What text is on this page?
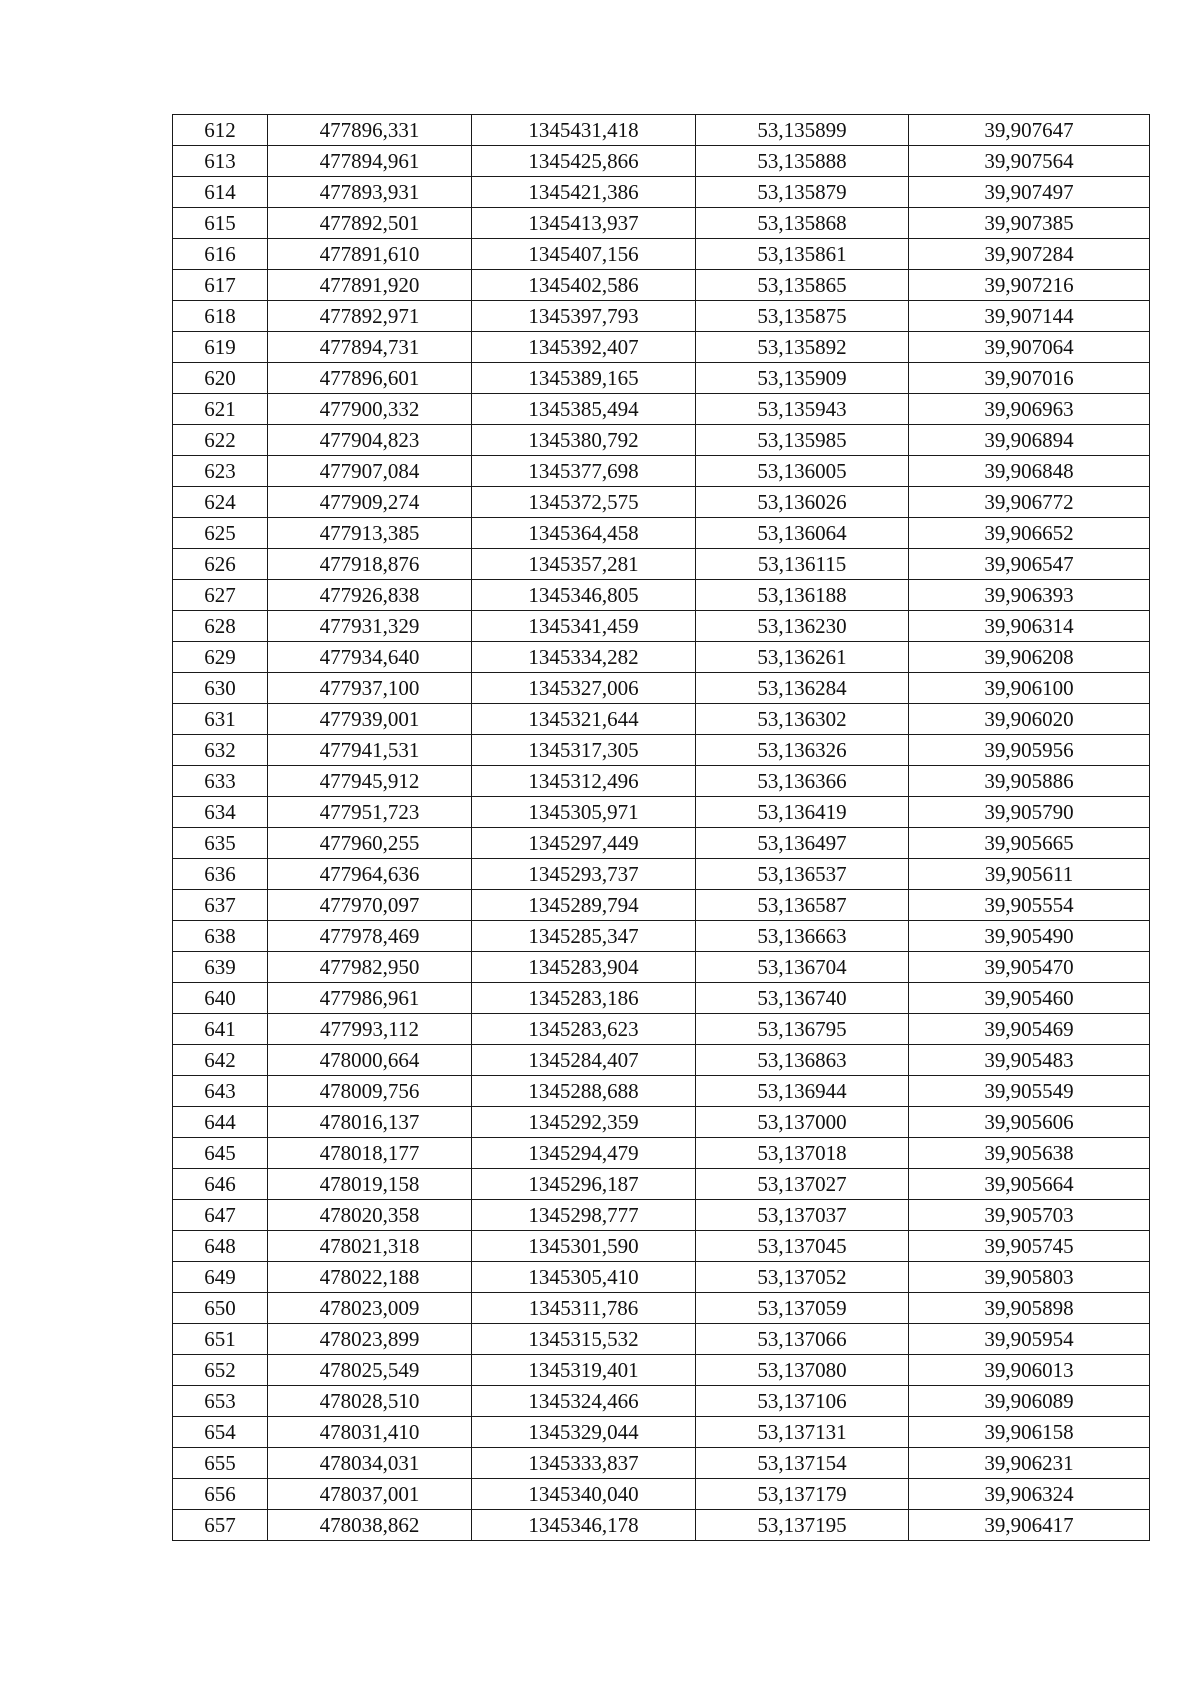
612	477896,331	1345431,418	53,135899	39,907647
613	477894,961	1345425,866	53,135888	39,907564
614	477893,931	1345421,386	53,135879	39,907497
615	477892,501	1345413,937	53,135868	39,907385
616	477891,610	1345407,156	53,135861	39,907284
617	477891,920	1345402,586	53,135865	39,907216
618	477892,971	1345397,793	53,135875	39,907144
619	477894,731	1345392,407	53,135892	39,907064
620	477896,601	1345389,165	53,135909	39,907016
621	477900,332	1345385,494	53,135943	39,906963
622	477904,823	1345380,792	53,135985	39,906894
623	477907,084	1345377,698	53,136005	39,906848
624	477909,274	1345372,575	53,136026	39,906772
625	477913,385	1345364,458	53,136064	39,906652
626	477918,876	1345357,281	53,136115	39,906547
627	477926,838	1345346,805	53,136188	39,906393
628	477931,329	1345341,459	53,136230	39,906314
629	477934,640	1345334,282	53,136261	39,906208
630	477937,100	1345327,006	53,136284	39,906100
631	477939,001	1345321,644	53,136302	39,906020
632	477941,531	1345317,305	53,136326	39,905956
633	477945,912	1345312,496	53,136366	39,905886
634	477951,723	1345305,971	53,136419	39,905790
635	477960,255	1345297,449	53,136497	39,905665
636	477964,636	1345293,737	53,136537	39,905611
637	477970,097	1345289,794	53,136587	39,905554
638	477978,469	1345285,347	53,136663	39,905490
639	477982,950	1345283,904	53,136704	39,905470
640	477986,961	1345283,186	53,136740	39,905460
641	477993,112	1345283,623	53,136795	39,905469
642	478000,664	1345284,407	53,136863	39,905483
643	478009,756	1345288,688	53,136944	39,905549
644	478016,137	1345292,359	53,137000	39,905606
645	478018,177	1345294,479	53,137018	39,905638
646	478019,158	1345296,187	53,137027	39,905664
647	478020,358	1345298,777	53,137037	39,905703
648	478021,318	1345301,590	53,137045	39,905745
649	478022,188	1345305,410	53,137052	39,905803
650	478023,009	1345311,786	53,137059	39,905898
651	478023,899	1345315,532	53,137066	39,905954
652	478025,549	1345319,401	53,137080	39,906013
653	478028,510	1345324,466	53,137106	39,906089
654	478031,410	1345329,044	53,137131	39,906158
655	478034,031	1345333,837	53,137154	39,906231
656	478037,001	1345340,040	53,137179	39,906324
657	478038,862	1345346,178	53,137195	39,906417
